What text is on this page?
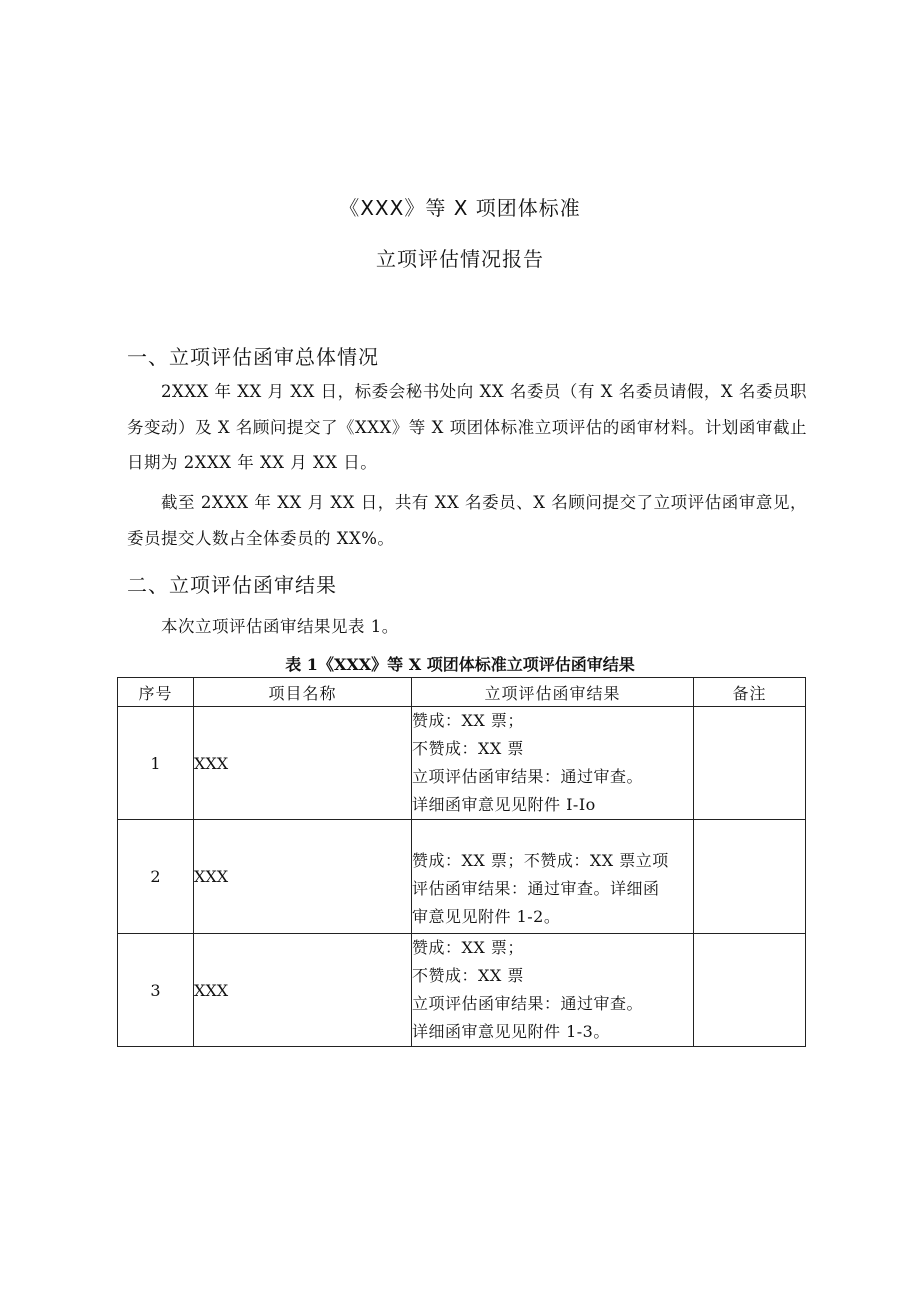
《XXX》等 X 项团体标准
立项评估情况报告
一、立项评估函审总体情况

2XXX 年 XX 月 XX 日，标委会秘书处向 XX 名委员（有 X 名委员请假，X 名委员职务变动）及 X 名顾问提交了《XXX》等 X 项团体标准立项评估的函审材料。计划函审截止日期为 2XXX 年 XX 月 XX 日。

截至 2XXX 年 XX 月 XX 日，共有 XX 名委员、X 名顾问提交了立项评估函审意见，委员提交人数占全体委员的 XX%。

二、立项评估函审结果

本次立项评估函审结果见表 1。

表 1《XXX》等 X 项团体标准立项评估函审结果
序号	项目名称	立项评估函审结果	备注
1	XXX	赞成：XX 票；
不赞成：XX 票
立项评估函审结果：通过审查。
详细函审意见见附件 I-Io	

2	XXX	赞成：XX 票；不赞成：XX 票立项
评估函审结果：通过审查。详细函
审意见见附件 1-2。	

3	XXX	赞成：XX 票；
不赞成：XX 票
立项评估函审结果：通过审查。
详细函审意见见附件 1-3。	
